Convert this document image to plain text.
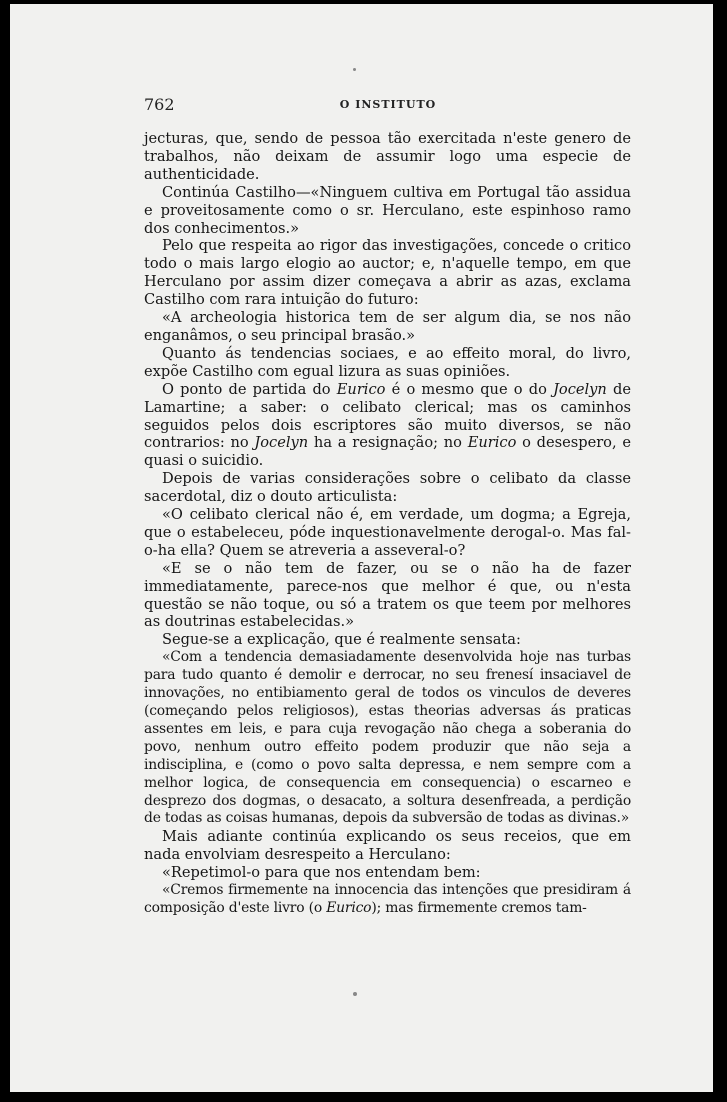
762	O INSTITUTO

jecturas, que, sendo de pessoa tão exercitada n'este genero de trabalhos, não deixam de assumir logo uma especie de authenticidade.

Continúa Castilho—«Ninguem cultiva em Portugal tão assidua e proveitosamente como o sr. Herculano, este espinhoso ramo dos conhecimentos.»

Pelo que respeita ao rigor das investigações, concede o critico todo o mais largo elogio ao auctor; e, n'aquelle tempo, em que Herculano por assim dizer começava a abrir as azas, exclama Castilho com rara intuição do futuro:

«A archeologia historica tem de ser algum dia, se nos não enganâmos, o seu principal brasão.»

Quanto ás tendencias sociaes, e ao effeito moral, do livro, expõe Castilho com egual lizura as suas opiniões.

O ponto de partida do Eurico é o mesmo que o do Jocelyn de Lamartine; a saber: o celibato clerical; mas os caminhos seguidos pelos dois escriptores são muito diversos, se não contrarios: no Jocelyn ha a resignação; no Eurico o desespero, e quasi o suicidio.

Depois de varias considerações sobre o celibato da classe sacerdotal, diz o douto articulista:

«O celibato clerical não é, em verdade, um dogma; a Egreja, que o estabeleceu, póde inquestionavelmente derogal-o. Mas fal-o-ha ella? Quem se atreveria a asseveral-o?

«E se o não tem de fazer, ou se o não ha de fazer immediatamente, parece-nos que melhor é que, ou n'esta questão se não toque, ou só a tratem os que teem por melhores as doutrinas estabelecidas.»

Segue-se a explicação, que é realmente sensata:

«Com a tendencia demasiadamente desenvolvida hoje nas turbas para tudo quanto é demolir e derrocar, no seu frenesí insaciavel de innovações, no entibiamento geral de todos os vinculos de deveres (começando pelos religiosos), estas theorias adversas ás praticas assentes em leis, e para cuja revogação não chega a soberania do povo, nenhum outro effeito podem produzir que não seja a indisciplina, e (como o povo salta depressa, e nem sempre com a melhor logica, de consequencia em consequencia) o escarneo e desprezo dos dogmas, o desacato, a soltura desenfreada, a perdição de todas as coisas humanas, depois da subversão de todas as divinas.»

Mais adiante continúa explicando os seus receios, que em nada envolviam desrespeito a Herculano:

«Repetimol-o para que nos entendam bem:

«Cremos firmemente na innocencia das intenções que presidiram á composição d'este livro (o Eurico); mas firmemente cremos tam-
